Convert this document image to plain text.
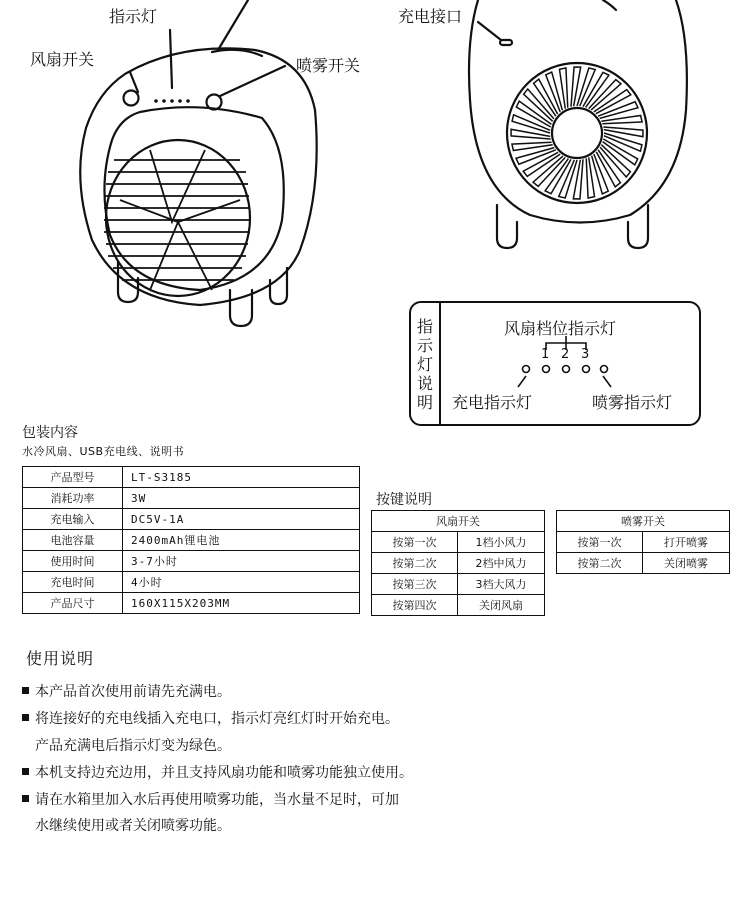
指示灯
风扇开关	喷雾开关
充电接口
指
示
灯
说
明
风扇档位指示灯
1 2 3
充电指示灯	喷雾指示灯
包装内容
水冷风扇、USB充电线、说明书
产品型号	LT-S3185
消耗功率	3W
充电输入	DC5V-1A
电池容量	2400mAh锂电池
使用时间	3-7小时
充电时间	4小时
产品尺寸	160X115X203MM
按键说明
风扇开关	
按第一次	1档小风力
按第二次	2档中风力
按第三次	3档大风力
按第四次	关闭风扇
喷雾开关	
按第一次	打开喷雾
按第二次	关闭喷雾
使用说明
本产品首次使用前请先充满电。
将连接好的充电线插入充电口，指示灯亮红灯时开始充电。
产品充满电后指示灯变为绿色。
本机支持边充边用，并且支持风扇功能和喷雾功能独立使用。
请在水箱里加入水后再使用喷雾功能，当水量不足时，可加
水继续使用或者关闭喷雾功能。
